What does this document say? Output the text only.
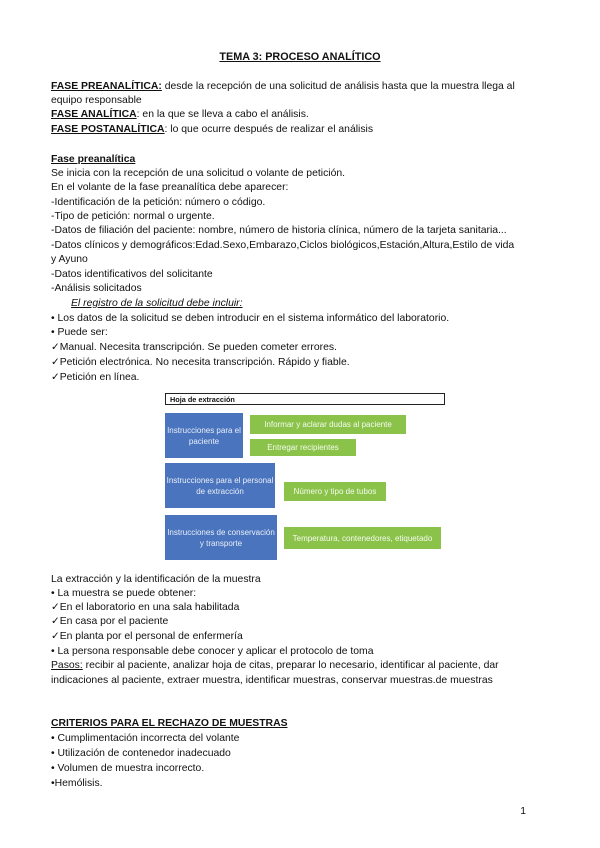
TEMA 3: PROCESO ANALÍTICO
FASE PREANALÍTICA: desde la recepción de una solicitud de análisis hasta que la muestra llega al
equipo responsable
FASE ANALÍTICA: en la que se lleva a cabo el análisis.
FASE POSTANALÍTICA: lo que ocurre después de realizar el análisis
Fase preanalítica
Se inicia con la recepción de una solicitud o volante de petición.
En el volante de la fase preanalítica debe aparecer:
-Identificación de la petición: número o código.
-Tipo de petición: normal o urgente.
-Datos de filiación del paciente: nombre, número de historia clínica, número de la tarjeta sanitaria...
-Datos clínicos y demográficos:Edad.Sexo,Embarazo,Ciclos biológicos,Estación,Altura,Estilo de vida
y Ayuno
-Datos identificativos del solicitante
-Análisis solicitados
El registro de la solicitud debe incluir:
• Los datos de la solicitud se deben introducir en el sistema informático del laboratorio.
• Puede ser:
✓Manual. Necesita transcripción. Se pueden cometer errores.
✓Petición electrónica. No necesita transcripción. Rápido y fiable.
✓Petición en línea.
Hoja de extracción
Instrucciones para el paciente
Informar y aclarar dudas al paciente
Entregar recipientes
Instrucciones para el personal de extracción	Número y tipo de tubos
Instrucciones de conservación y transporte
Temperatura, contenedores, etiquetado
La extracción y la identificación de la muestra
• La muestra se puede obtener:
✓En el laboratorio en una sala habilitada
✓En casa por el paciente
✓En planta por el personal de enfermería
• La persona responsable debe conocer y aplicar el protocolo de toma
Pasos: recibir al paciente, analizar hoja de citas, preparar lo necesario, identificar al paciente, dar
indicaciones al paciente, extraer muestra, identificar muestras, conservar muestras.de muestras
CRITERIOS PARA EL RECHAZO DE MUESTRAS
• Cumplimentación incorrecta del volante
• Utilización de contenedor inadecuado
• Volumen de muestra incorrecto.
•Hemólisis.
1
